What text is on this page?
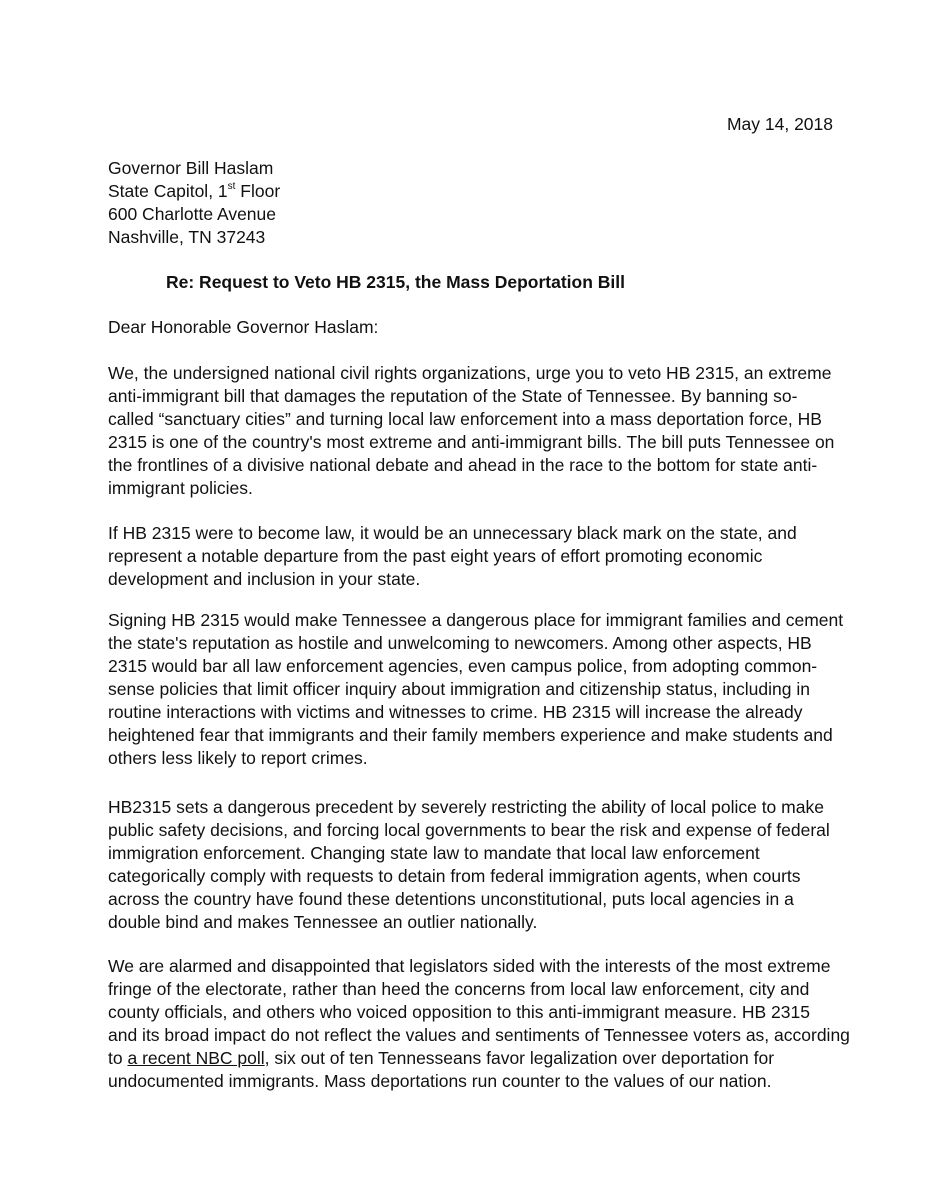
May 14, 2018
Governor Bill Haslam
State Capitol, 1st Floor
600 Charlotte Avenue
Nashville, TN 37243
Re: Request to Veto HB 2315, the Mass Deportation Bill
Dear Honorable Governor Haslam:
We, the undersigned national civil rights organizations, urge you to veto HB 2315, an extreme
anti-immigrant bill that damages the reputation of the State of Tennessee. By banning so-
called “sanctuary cities” and turning local law enforcement into a mass deportation force, HB
2315 is one of the country's most extreme and anti-immigrant bills. The bill puts Tennessee on
the frontlines of a divisive national debate and ahead in the race to the bottom for state anti-
immigrant policies.
If HB 2315 were to become law, it would be an unnecessary black mark on the state, and
represent a notable departure from the past eight years of effort promoting economic
development and inclusion in your state.
Signing HB 2315 would make Tennessee a dangerous place for immigrant families and cement
the state's reputation as hostile and unwelcoming to newcomers. Among other aspects, HB
2315 would bar all law enforcement agencies, even campus police, from adopting common-
sense policies that limit officer inquiry about immigration and citizenship status, including in
routine interactions with victims and witnesses to crime. HB 2315 will increase the already
heightened fear that immigrants and their family members experience and make students and
others less likely to report crimes.
HB2315 sets a dangerous precedent by severely restricting the ability of local police to make
public safety decisions, and forcing local governments to bear the risk and expense of federal
immigration enforcement. Changing state law to mandate that local law enforcement
categorically comply with requests to detain from federal immigration agents, when courts
across the country have found these detentions unconstitutional, puts local agencies in a
double bind and makes Tennessee an outlier nationally.
We are alarmed and disappointed that legislators sided with the interests of the most extreme
fringe of the electorate, rather than heed the concerns from local law enforcement, city and
county officials, and others who voiced opposition to this anti-immigrant measure. HB 2315
and its broad impact do not reflect the values and sentiments of Tennessee voters as, according
to a recent NBC poll, six out of ten Tennesseans favor legalization over deportation for
undocumented immigrants. Mass deportations run counter to the values of our nation.
